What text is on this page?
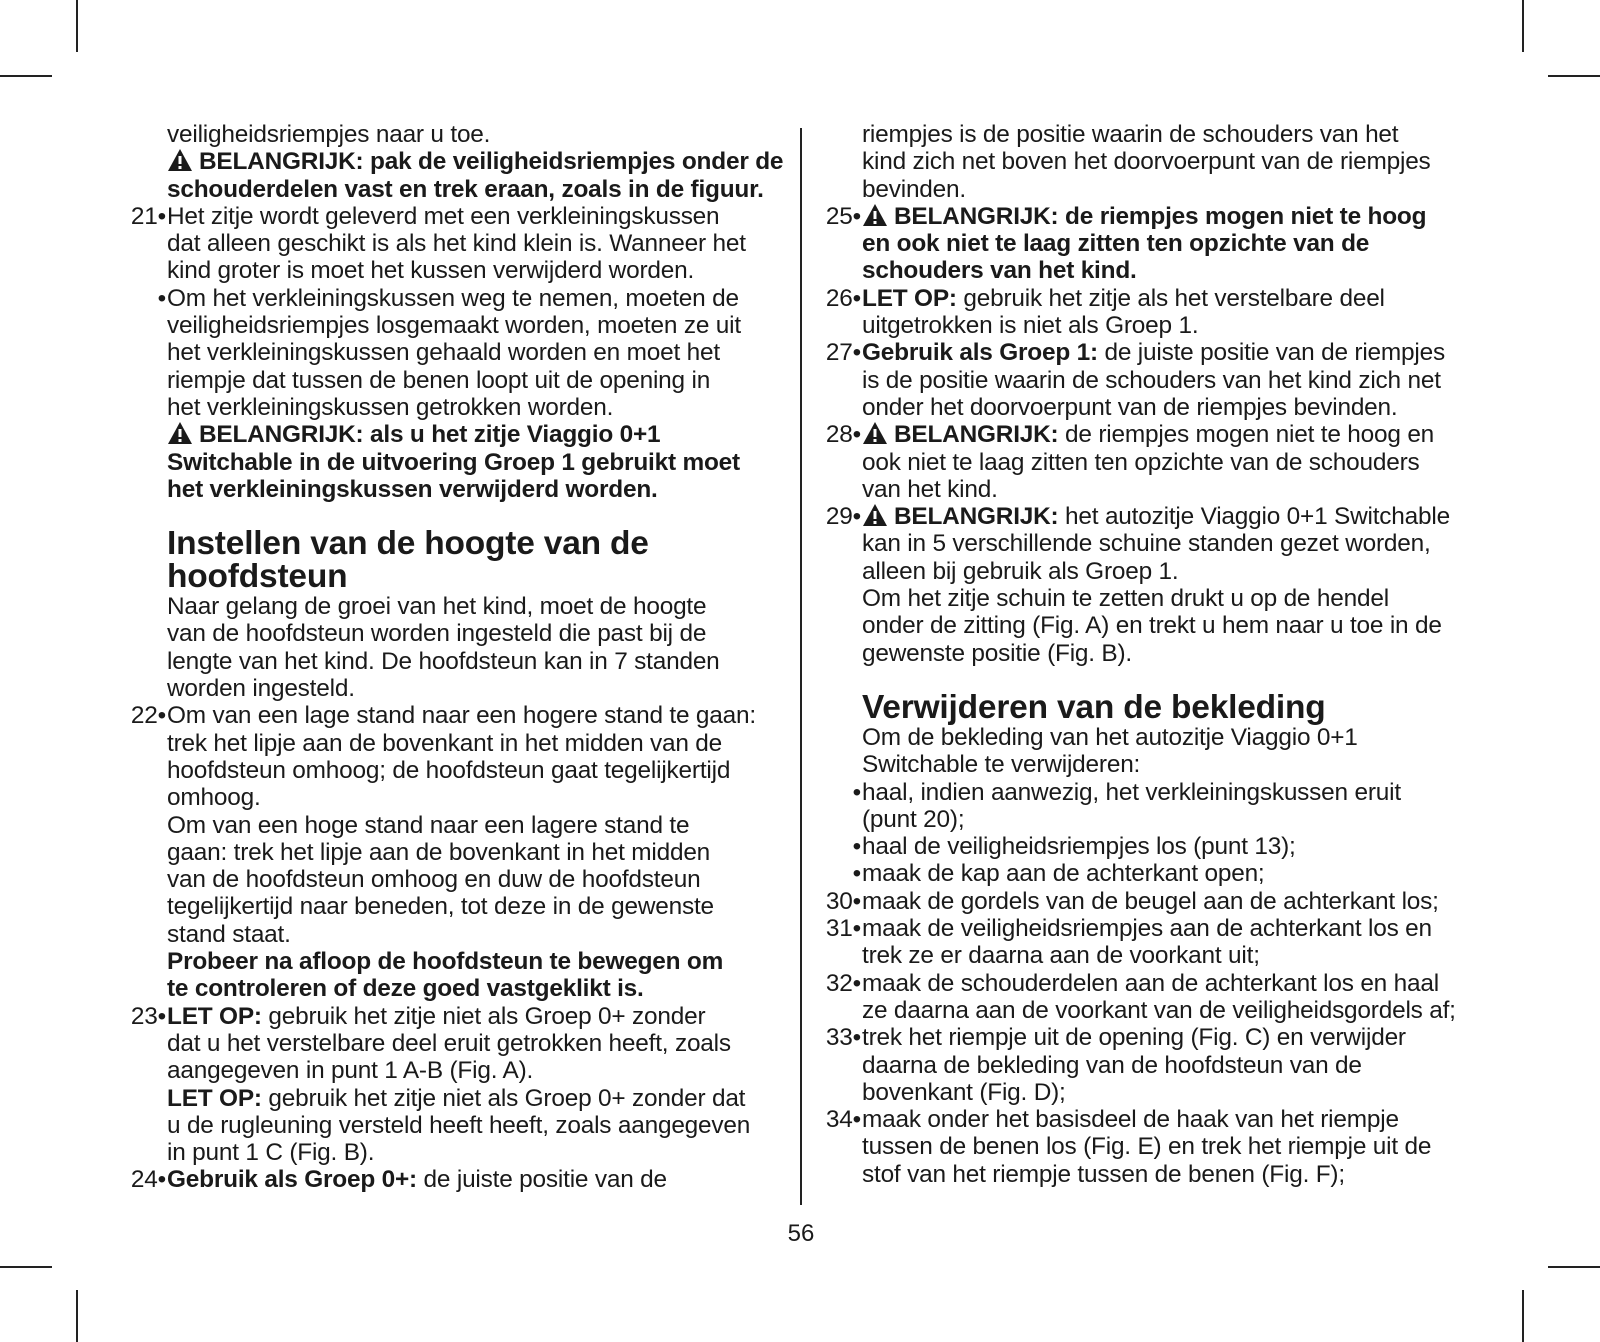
veiligheidsriempjes naar u toe.
BELANGRIJK: pak de veiligheidsriempjes onder de
schouderdelen vast en trek eraan, zoals in de figuur.
21• Het zitje wordt geleverd met een verkleiningskussen
dat alleen geschikt is als het kind klein is. Wanneer het
kind groter is moet het kussen verwijderd worden.
• Om het verkleiningskussen weg te nemen, moeten de
veiligheidsriempjes losgemaakt worden, moeten ze uit
het verkleiningskussen gehaald worden en moet het
riempje dat tussen de benen loopt uit de opening in
het verkleiningskussen getrokken worden.
BELANGRIJK: als u het zitje Viaggio 0+1
Switchable in de uitvoering Groep 1 gebruikt moet
het verkleiningskussen verwijderd worden.
Instellen van de hoogte van de
hoofdsteun
Naar gelang de groei van het kind, moet de hoogte
van de hoofdsteun worden ingesteld die past bij de
lengte van het kind. De hoofdsteun kan in 7 standen
worden ingesteld.
22• Om van een lage stand naar een hogere stand te gaan:
trek het lipje aan de bovenkant in het midden van de
hoofdsteun omhoog; de hoofdsteun gaat tegelijkertijd
omhoog.
Om van een hoge stand naar een lagere stand te
gaan: trek het lipje aan de bovenkant in het midden
van de hoofdsteun omhoog en duw de hoofdsteun
tegelijkertijd naar beneden, tot deze in de gewenste
stand staat.
Probeer na afloop de hoofdsteun te bewegen om
te controleren of deze goed vastgeklikt is.
23• LET OP: gebruik het zitje niet als Groep 0+ zonder
dat u het verstelbare deel eruit getrokken heeft, zoals
aangegeven in punt 1 A-B (Fig. A).
LET OP: gebruik het zitje niet als Groep 0+ zonder dat
u de rugleuning versteld heeft heeft, zoals aangegeven
in punt 1 C (Fig. B).
24• Gebruik als Groep 0+: de juiste positie van de
riempjes is de positie waarin de schouders van het
kind zich net boven het doorvoerpunt van de riempjes
bevinden.
25• BELANGRIJK: de riempjes mogen niet te hoog
en ook niet te laag zitten ten opzichte van de
schouders van het kind.
26• LET OP: gebruik het zitje als het verstelbare deel
uitgetrokken is niet als Groep 1.
27• Gebruik als Groep 1: de juiste positie van de riempjes
is de positie waarin de schouders van het kind zich net
onder het doorvoerpunt van de riempjes bevinden.
28• BELANGRIJK: de riempjes mogen niet te hoog en
ook niet te laag zitten ten opzichte van de schouders
van het kind.
29• BELANGRIJK: het autozitje Viaggio 0+1 Switchable
kan in 5 verschillende schuine standen gezet worden,
alleen bij gebruik als Groep 1.
Om het zitje schuin te zetten drukt u op de hendel
onder de zitting (Fig. A) en trekt u hem naar u toe in de
gewenste positie (Fig. B).
Verwijderen van de bekleding
Om de bekleding van het autozitje Viaggio 0+1
Switchable te verwijderen:
• haal, indien aanwezig, het verkleiningskussen eruit
(punt 20);
• haal de veiligheidsriempjes los (punt 13);
• maak de kap aan de achterkant open;
30• maak de gordels van de beugel aan de achterkant los;
31• maak de veiligheidsriempjes aan de achterkant los en
trek ze er daarna aan de voorkant uit;
32• maak de schouderdelen aan de achterkant los en haal
ze daarna aan de voorkant van de veiligheidsgordels af;
33• trek het riempje uit de opening (Fig. C) en verwijder
daarna de bekleding van de hoofdsteun van de
bovenkant (Fig. D);
34• maak onder het basisdeel de haak van het riempje
tussen de benen los (Fig. E) en trek het riempje uit de
stof van het riempje tussen de benen (Fig. F);
56
